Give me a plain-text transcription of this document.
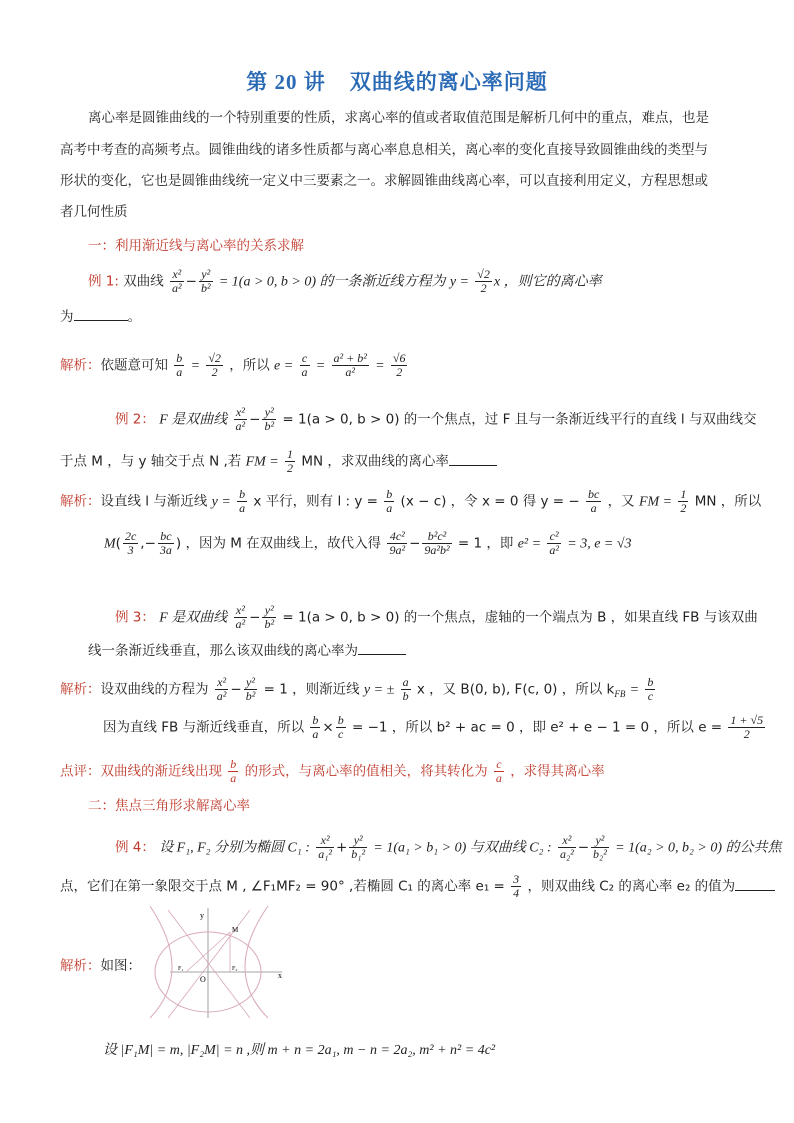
第 20 讲 双曲线的离心率问题
离心率是圆锥曲线的一个特别重要的性质，求离心率的值或者取值范围是解析几何中的重点，难点，也是
高考中考查的高频考点。圆锥曲线的诸多性质都与离心率息息相关，离心率的变化直接导致圆锥曲线的类型与
形状的变化，它也是圆锥曲线统一定义中三要素之一。求解圆锥曲线离心率，可以直接利用定义，方程思想或
者几何性质
一：利用渐近线与离心率的关系求解
例 1: 双曲线 $\frac{\text{x²}}{\text{a²}} - \frac{\text{y²}}{\text{b²}} = 1(a > 0$, b > 0) 的一条渐近线方程为 $y = \frac{√2}{2}$ x ，则它的离心率
为	。
解析：依题意可知 $\frac{b}{a} = \frac{√2}{2}$ ，所以 $e = \frac{c}{a} = \frac{\text{a² + b²}}{\text{a²}} = \frac{√6}{2}$
例 2： F 是双曲线 $\frac{\text{x²}}{\text{a²}} - \frac{\text{y²}}{\text{b²}} = 1(a > 0$, b > 0) 的一个焦点，过 F 且与一条渐近线平行的直线 l 与双曲线交
于点 M ，与 y 轴交于点 N ,若 FM = $\frac{1}{2}$ MN ，求双曲线的离心率
解析：设直线 l 与渐近线 $y = \frac{b}{a}$ x 平行，则有 l : $y = \frac{b}{a} (x - c)$ ，令 x = 0 得 y = − $\frac{bc}{a}$ ，又 FM = $\frac{1}{2}$ MN ，所以
$M( \frac{2c}{3}$ ,− $\frac{bc}{3a}$ ) ，因为 M 在双曲线上，故代入得 $\frac{\text{4c²}}{\text{9a²}} - \frac{\text{b²c²}}{\text{9a²b²}} = 1$ ，即 $e^2 = \frac{\text{c²}}{\text{a²}} = 3$, e = √3
例 3： F 是双曲线 $\frac{\text{x²}}{\text{a²}} - \frac{\text{y²}}{\text{b²}} = 1(a > 0$, b > 0) 的一个焦点，虚轴的一个端点为 B ，如果直线 FB 与该双曲
线一条渐近线垂直，那么该双曲线的离心率为
解析：设双曲线的方程为 $\frac{\text{x²}}{\text{a²}} - \frac{\text{y²}}{\text{b²}} = 1$ ，则渐近线 y = ± $\frac{a}{b}$ x ，又 B(0, b), F(c, 0) ，所以 $k_{FB} = \frac{b}{c}$
因为直线 FB 与渐近线垂直，所以 $\frac{b}{a} \times \frac{b}{c} = -1$ ，所以 b² + ac = 0 ，即 e² + e − 1 = 0 ，所以 $e = \frac{1 + √5}{2}$
点评：双曲线的渐近线出现 $\frac{b}{a}$ 的形式，与离心率的值相关，将其转化为 $\frac{c}{a}$ ，求得其离心率
二：焦点三角形求解离心率
例 4： 设 F₁, F₂ 分别为椭圆 C₁ : $\frac{\text{x²}}{\text{a₁²}} + \frac{\text{y²}}{\text{b₁²}} = 1(a_1 > b_1 > 0)$ 与双曲线 C₂ : $\frac{\text{x²}}{\text{a₂²}} - \frac{\text{y²}}{\text{b₂²}} = 1(a_2 > 0$, b₂ > 0) 的公共焦
点，它们在第一象限交于点 M , ∠F₁MF₂ = 90° ,若椭圆 C₁ 的离心率 $e_1 = \frac{3}{4}$ ，则双曲线 C₂ 的离心率 e₂ 的值为
解析：如图：
y
x
M
O
F₁	F₂
设 |F₁M| = m, |F₂M| = n ,则 m + n = 2a₁, m − n = 2a₂, m² + n² = 4c²
